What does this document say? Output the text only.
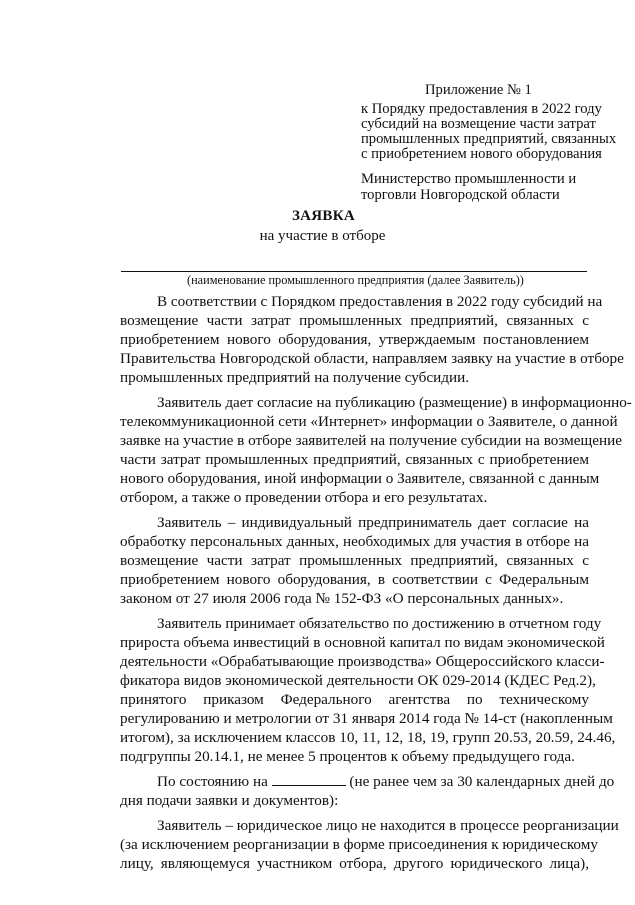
Приложение № 1
к Порядку предоставления в 2022 году
субсидий на возмещение части затрат
промышленных предприятий, связанных
с приобретением нового оборудования
Министерство промышленности и
торговли Новгородской области
ЗАЯВКА
на участие в отборе
(наименование промышленного предприятия (далее Заявитель))
В соответствии с Порядком предоставления в 2022 году субсидий на
возмещение части затрат промышленных предприятий, связанных с
приобретением нового оборудования, утверждаемым постановлением
Правительства Новгородской области, направляем заявку на участие в отборе
промышленных предприятий на получение субсидии.
Заявитель дает согласие на публикацию (размещение) в информационно-
телекоммуникационной сети «Интернет» информации о Заявителе, о данной
заявке на участие в отборе заявителей на получение субсидии на возмещение
части затрат промышленных предприятий, связанных с приобретением
нового оборудования, иной информации о Заявителе, связанной с данным
отбором, а также о проведении отбора и его результатах.
Заявитель – индивидуальный предприниматель дает согласие на
обработку персональных данных, необходимых для участия в отборе на
возмещение части затрат промышленных предприятий, связанных с
приобретением нового оборудования, в соответствии с Федеральным
законом от 27 июля 2006 года № 152-ФЗ «О персональных данных».
Заявитель принимает обязательство по достижению в отчетном году
прироста объема инвестиций в основной капитал по видам экономической
деятельности «Обрабатывающие производства» Общероссийского класси-
фикатора видов экономической деятельности ОК 029-2014 (КДЕС Ред.2),
принятого приказом Федерального агентства по техническому
регулированию и метрологии от 31 января 2014 года № 14-ст (накопленным
итогом), за исключением классов 10, 11, 12, 18, 19, групп 20.53, 20.59, 24.46,
подгруппы 20.14.1, не менее 5 процентов к объему предыдущего года.
По состоянию на	(не ранее чем за 30 календарных дней до
дня подачи заявки и документов):
Заявитель – юридическое лицо не находится в процессе реорганизации
(за исключением реорганизации в форме присоединения к юридическому
лицу, являющемуся участником отбора, другого юридического лица),
